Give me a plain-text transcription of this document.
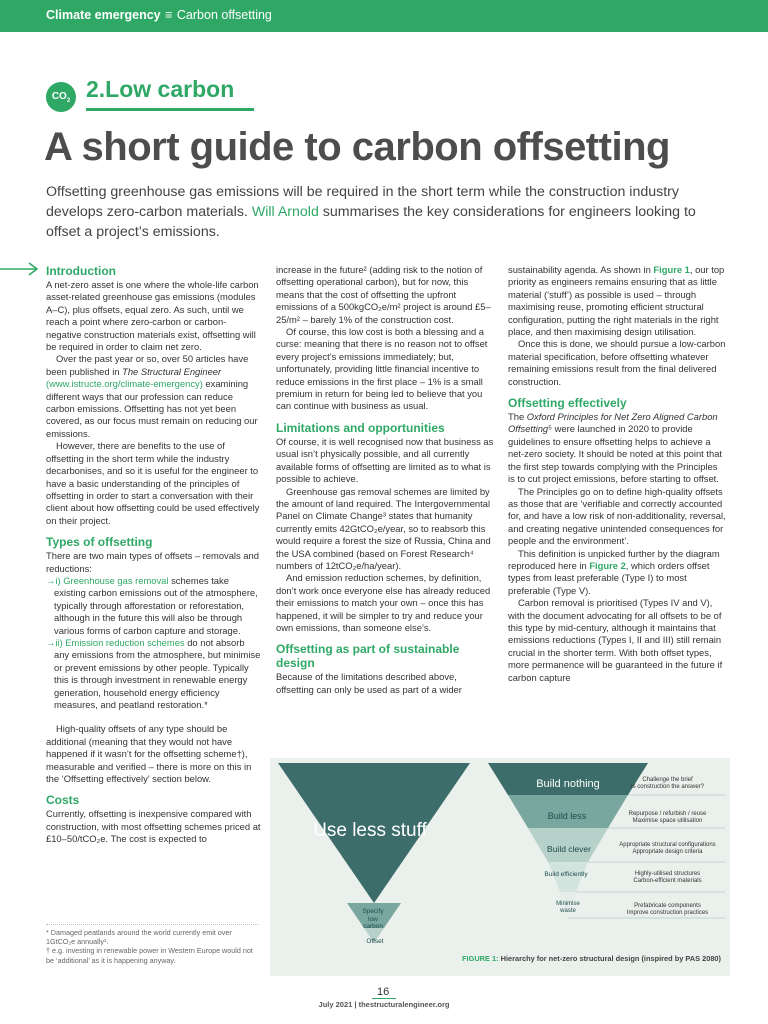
Climate emergency ≡ Carbon offsetting
$CO_2$ 2.Low carbon
A short guide to carbon offsetting
Offsetting greenhouse gas emissions will be required in the short term while the construction industry develops zero-carbon materials. Will Arnold summarises the key considerations for engineers looking to offset a project’s emissions.
Introduction

A net-zero asset is one where the whole-life carbon asset-related greenhouse gas emissions (modules A–C), plus offsets, equal zero. As such, until we reach a point where zero-carbon or carbon-negative construction materials exist, offsetting will be required in order to claim net zero.

Over the past year or so, over 50 articles have been published in The Structural Engineer
(www.istructe.org/climate-emergency) examining different ways that our profession can reduce carbon emissions. Offsetting has not yet been covered, as our focus must remain on reducing our emissions.

However, there are benefits to the use of offsetting in the short term while the industry decarbonises, and so it is useful for the engineer to have a basic understanding of the principles of offsetting in order to start a conversation with their client about how offsetting could be used effectively on their project.

Types of offsetting

There are two main types of offsets – removals and reductions:

→i) Greenhouse gas removal schemes take existing carbon emissions out of the atmosphere, typically through afforestation or reforestation, although in the future this will also be through various forms of carbon capture and storage.

→ii) Emission reduction schemes do not absorb any emissions from the atmosphere, but minimise or prevent emissions by other people. Typically this is through investment in renewable energy generation, household energy efficiency measures, and peatland restoration.*

High-quality offsets of any type should be additional (meaning that they would not have happened if it wasn’t for the offsetting scheme†), measurable and verified – there is more on this in the ‘Offsetting effectively’ section below.

Costs

Currently, offsetting is inexpensive compared with construction, with most offsetting schemes priced at £10–50/tCO₂e. The cost is expected to

* Damaged peatlands around the world currently emit over 1GtCO₂e annually¹.
† e.g. investing in renewable power in Western Europe would not be ‘additional’ as it is happening anyway.

increase in the future² (adding risk to the notion of offsetting operational carbon), but for now, this means that the cost of offsetting the upfront emissions of a 500kgCO₂e/m² project is around £5–25/m² – barely 1% of the construction cost.

Of course, this low cost is both a blessing and a curse: meaning that there is no reason not to offset every project’s emissions immediately; but, unfortunately, providing little financial incentive to reduce emissions in the first place – 1% is a small premium in return for being led to believe that you can continue with business as usual.

Limitations and opportunities

Of course, it is well recognised now that business as usual isn’t physically possible, and all currently available forms of offsetting are limited as to what is possible to achieve.

Greenhouse gas removal schemes are limited by the amount of land required. The Intergovernmental Panel on Climate Change³ states that humanity currently emits 42GtCO₂e/year, so to reabsorb this would require a forest the size of Russia, China and the USA combined (based on Forest Research⁴ numbers of 12tCO₂e/ha/year).

And emission reduction schemes, by definition, don’t work once everyone else has already reduced their emissions to match your own – once this has happened, it will be simpler to try and reduce your own emissions, than someone else’s.

Offsetting as part of sustainable design

Because of the limitations described above, offsetting can only be used as part of a wider

sustainability agenda. As shown in Figure 1, our top priority as engineers remains ensuring that as little material (‘stuff’) as possible is used – through maximising reuse, promoting efficient structural configuration, putting the right materials in the right place, and then maximising design utilisation.

Once this is done, we should pursue a low-carbon material specification, before offsetting whatever remaining emissions result from the final delivered construction.

Offsetting effectively

The Oxford Principles for Net Zero Aligned Carbon Offsetting⁵ were launched in 2020 to provide guidelines to ensure offsetting helps to achieve a net-zero society. It should be noted at this point that the first step towards complying with the Principles is to cut project emissions, before starting to offset.

The Principles go on to define high-quality offsets as those that are ‘verifiable and correctly accounted for, and have a low risk of non-additionality, reversal, and creating negative unintended consequences for people and the environment’.

This definition is unpicked further by the diagram reproduced here in Figure 2, which orders offset types from least preferable (Type I) to most preferable (Type V).

Carbon removal is prioritised (Types IV and V), with the document advocating for all offsets to be of this type by mid-century, although it maintains that emissions reductions (Types I, II and III) still remain crucial in the shorter term. With both offset types, more permanence will be guaranteed in the future if carbon capture

Use less stuff
Specify low carbon
Offset
Build nothing
Build less
Build clever
Build efficiently
Minimise waste
Challenge the brief
Is construction the answer?
Repurpose / refurbish / reuse
Maximise space utilisation
Appropriate structural configurations
Appropriate design criteria
Highly-utilised structures
Carbon-efficient materials
Prefabricate components
Improve construction practices
FIGURE 1: Hierarchy for net-zero structural design (inspired by PAS 2080)
16
July 2021 | thestructuralengineer.org
